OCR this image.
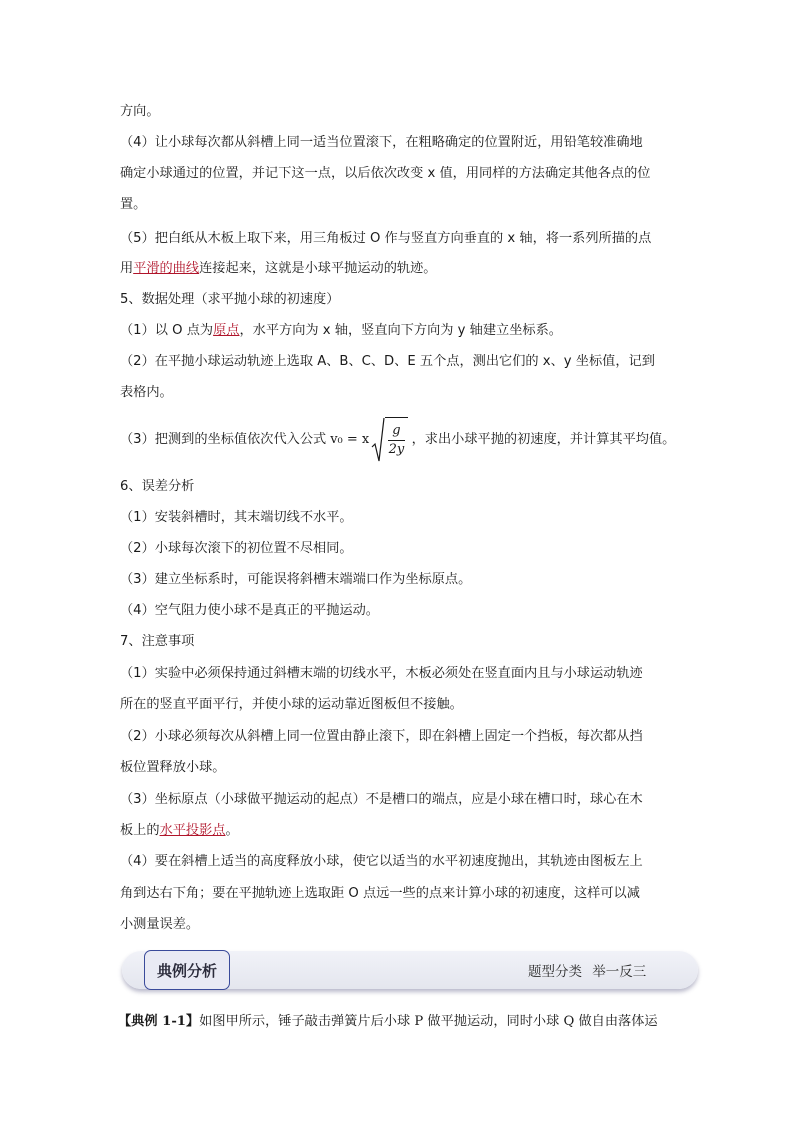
方向。
（4）让小球每次都从斜槽上同一适当位置滚下，在粗略确定的位置附近，用铅笔较准确地
确定小球通过的位置，并记下这一点，以后依次改变 x 值，用同样的方法确定其他各点的位
置。
（5）把白纸从木板上取下来，用三角板过 O 作与竖直方向垂直的 x 轴，将一系列所描的点
用平滑的曲线连接起来，这就是小球平抛运动的轨迹。
5、数据处理（求平抛小球的初速度）
（1）以 O 点为原点，水平方向为 x 轴，竖直向下方向为 y 轴建立坐标系。
（2）在平抛小球运动轨迹上选取 A、B、C、D、E 五个点，测出它们的 x、y 坐标值，记到
表格内。
（3）把测到的坐标值依次代入公式 v₀ = x $\frac{g}{2y}$ ，求出小球平抛的初速度，并计算其平均值。
6、误差分析
（1）安装斜槽时，其末端切线不水平。
（2）小球每次滚下的初位置不尽相同。
（3）建立坐标系时，可能误将斜槽末端端口作为坐标原点。
（4）空气阻力使小球不是真正的平抛运动。
7、注意事项
（1）实验中必须保持通过斜槽末端的切线水平，木板必须处在竖直面内且与小球运动轨迹
所在的竖直平面平行，并使小球的运动靠近图板但不接触。
（2）小球必须每次从斜槽上同一位置由静止滚下，即在斜槽上固定一个挡板，每次都从挡
板位置释放小球。
（3）坐标原点（小球做平抛运动的起点）不是槽口的端点，应是小球在槽口时，球心在木
板上的水平投影点。
（4）要在斜槽上适当的高度释放小球，使它以适当的水平初速度抛出，其轨迹由图板左上
角到达右下角；要在平抛轨迹上选取距 O 点远一些的点来计算小球的初速度，这样可以减
小测量误差。
典例分析	题型分类 举一反三
【典例 1-1】如图甲所示，锤子敲击弹簧片后小球 P 做平抛运动，同时小球 Q 做自由落体运
